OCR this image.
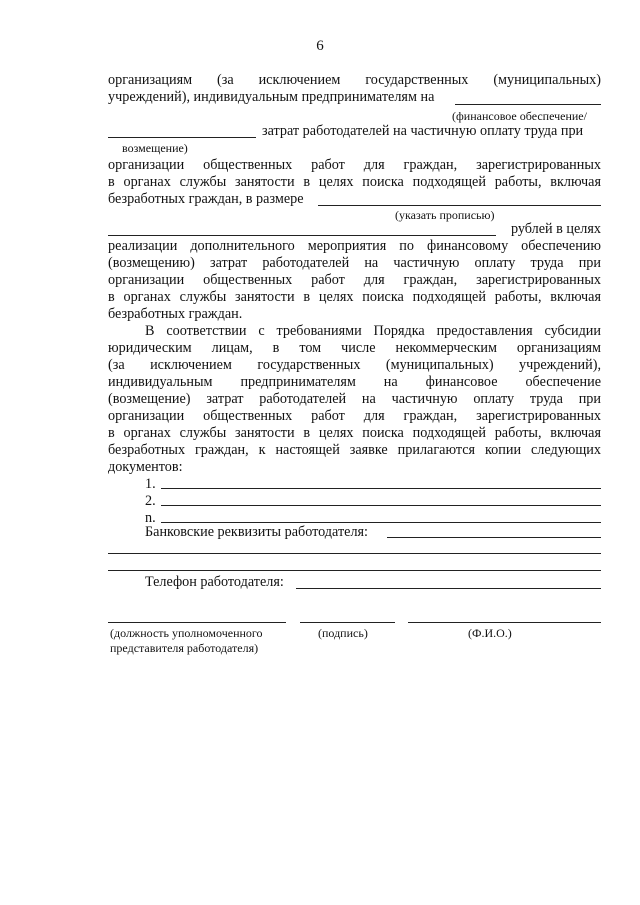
6
организациям (за исключением государственных (муниципальных)
учреждений), индивидуальным предпринимателям на
(финансовое обеспечение/
затрат работодателей на частичную оплату труда при
возмещение)
организации общественных работ для граждан, зарегистрированных
в органах службы занятости в целях поиска подходящей работы, включая
безработных граждан, в размере
(указать прописью)
рублей в целях
реализации дополнительного мероприятия по финансовому обеспечению
(возмещению) затрат работодателей на частичную оплату труда при
организации общественных работ для граждан, зарегистрированных
в органах службы занятости в целях поиска подходящей работы, включая
безработных граждан.
В соответствии с требованиями Порядка предоставления субсидии
юридическим лицам, в том числе некоммерческим организациям
(за исключением государственных (муниципальных) учреждений),
индивидуальным предпринимателям на финансовое обеспечение
(возмещение) затрат работодателей на частичную оплату труда при
организации общественных работ для граждан, зарегистрированных
в органах службы занятости в целях поиска подходящей работы, включая
безработных граждан, к настоящей заявке прилагаются копии следующих
документов:
1.
2.
n.
Банковские реквизиты работодателя:
Телефон работодателя:
(должность уполномоченного
представителя работодателя)
(подпись)	(Ф.И.О.)
